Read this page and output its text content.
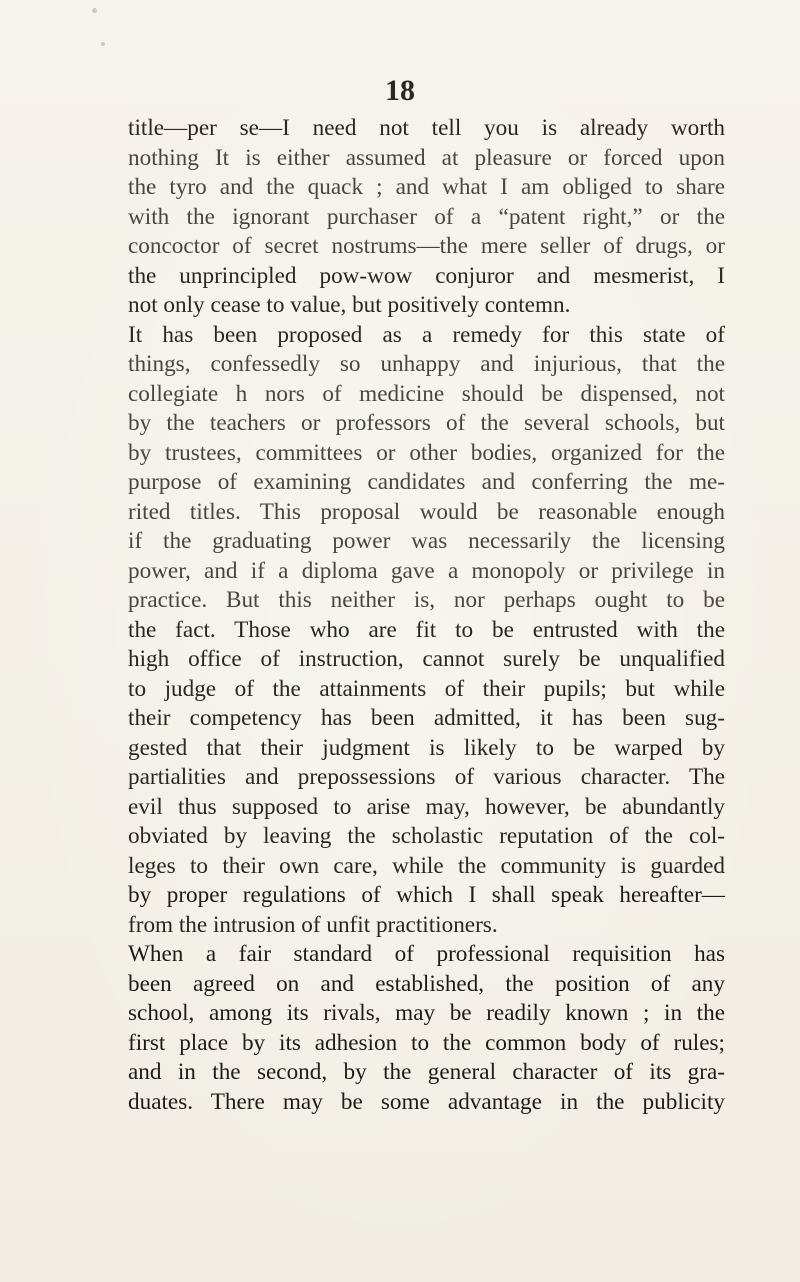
18
title—per se—I need not tell you is already worth
nothing It is either assumed at pleasure or forced upon
the tyro and the quack ; and what I am obliged to share
with the ignorant purchaser of a “patent right,” or the
concoctor of secret nostrums—the mere seller of drugs, or
the unprincipled pow-wow conjuror and mesmerist, I
not only cease to value, but positively contemn.
It has been proposed as a remedy for this state of
things, confessedly so unhappy and injurious, that the
collegiate h nors of medicine should be dispensed, not
by the teachers or professors of the several schools, but
by trustees, committees or other bodies, organized for the
purpose of examining candidates and conferring the me-
rited titles. This proposal would be reasonable enough
if the graduating power was necessarily the licensing
power, and if a diploma gave a monopoly or privilege in
practice. But this neither is, nor perhaps ought to be
the fact. Those who are fit to be entrusted with the
high office of instruction, cannot surely be unqualified
to judge of the attainments of their pupils; but while
their competency has been admitted, it has been sug-
gested that their judgment is likely to be warped by
partialities and prepossessions of various character. The
evil thus supposed to arise may, however, be abundantly
obviated by leaving the scholastic reputation of the col-
leges to their own care, while the community is guarded
by proper regulations of which I shall speak hereafter—
from the intrusion of unfit practitioners.
When a fair standard of professional requisition has
been agreed on and established, the position of any
school, among its rivals, may be readily known ; in the
first place by its adhesion to the common body of rules;
and in the second, by the general character of its gra-
duates. There may be some advantage in the publicity
